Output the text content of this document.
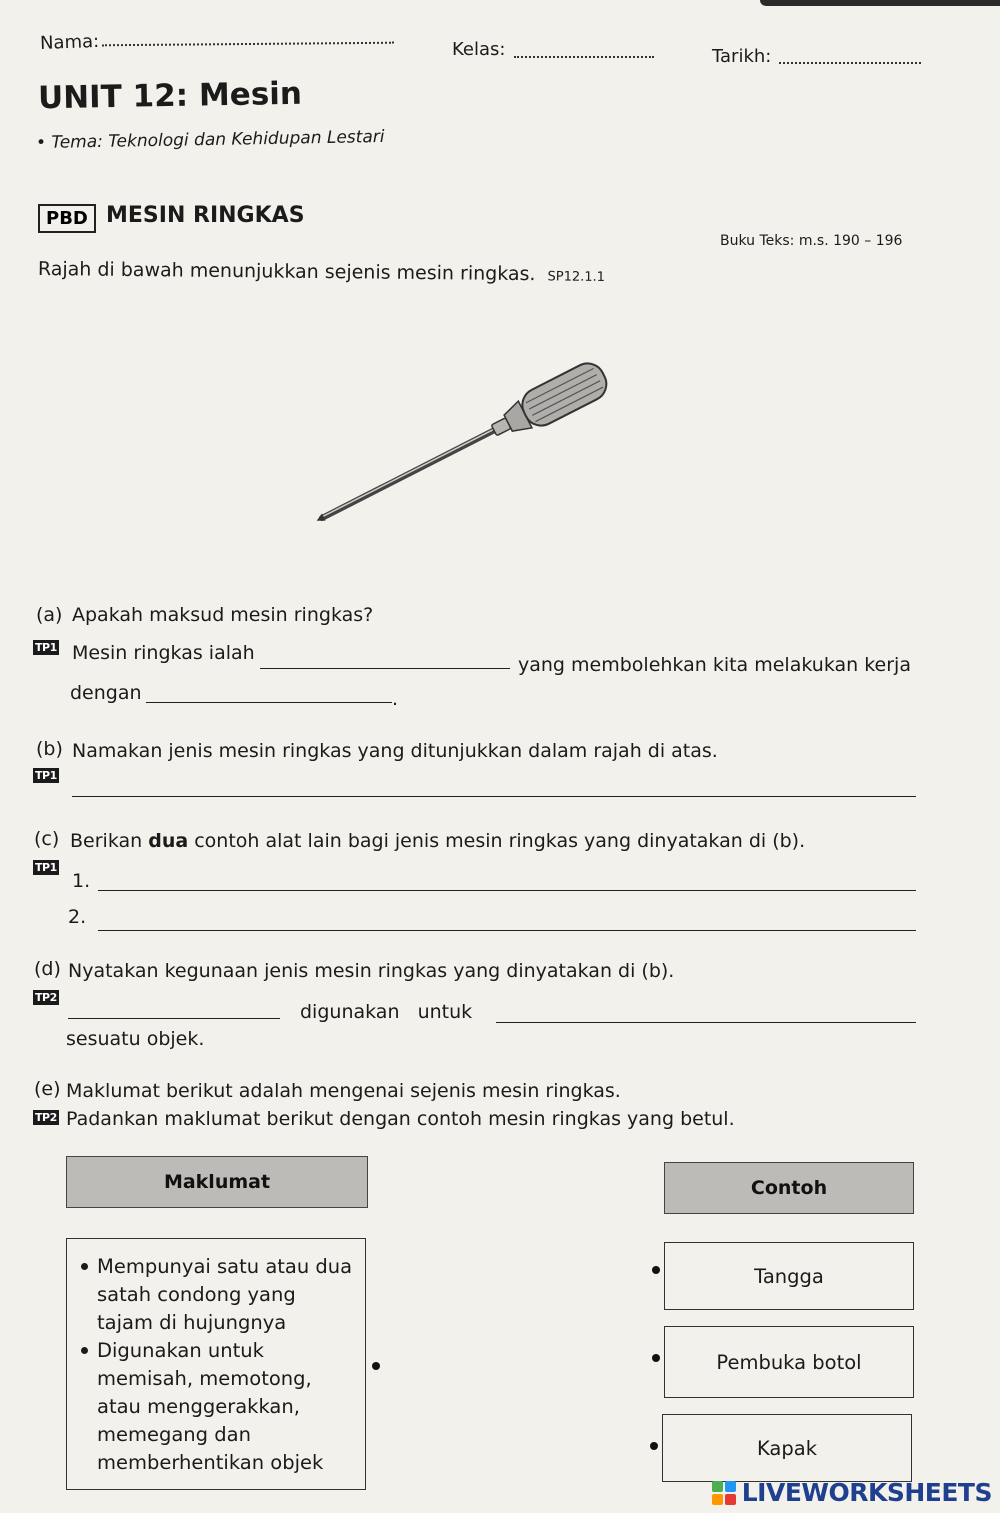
Nama:	Kelas:	Tarikh:
UNIT 12: Mesin
• Tema: Teknologi dan Kehidupan Lestari
PBD MESIN RINGKAS
Buku Teks: m.s. 190 – 196
Rajah di bawah menunjukkan sejenis mesin ringkas. SP12.1.1
(a) Apakah maksud mesin ringkas?
TP1 Mesin ringkas ialah
yang membolehkan kita melakukan kerja
dengan	.
(b) Namakan jenis mesin ringkas yang ditunjukkan dalam rajah di atas.
TP1
(c) Berikan dua contoh alat lain bagi jenis mesin ringkas yang dinyatakan di (b).
TP1
1.
2.
(d) Nyatakan kegunaan jenis mesin ringkas yang dinyatakan di (b).
TP2
digunakan   untuk
sesuatu objek.
(e) Maklumat berikut adalah mengenai sejenis mesin ringkas.
TP2 Padankan maklumat berikut dengan contoh mesin ringkas yang betul.
Maklumat	Contoh
Mempunyai satu atau dua satah condong yang tajam di hujungnya
Digunakan untuk memisah, memotong, atau menggerakkan, memegang dan memberhentikan objek
Tangga
Pembuka botol
Kapak
LIVEWORKSHEETS
